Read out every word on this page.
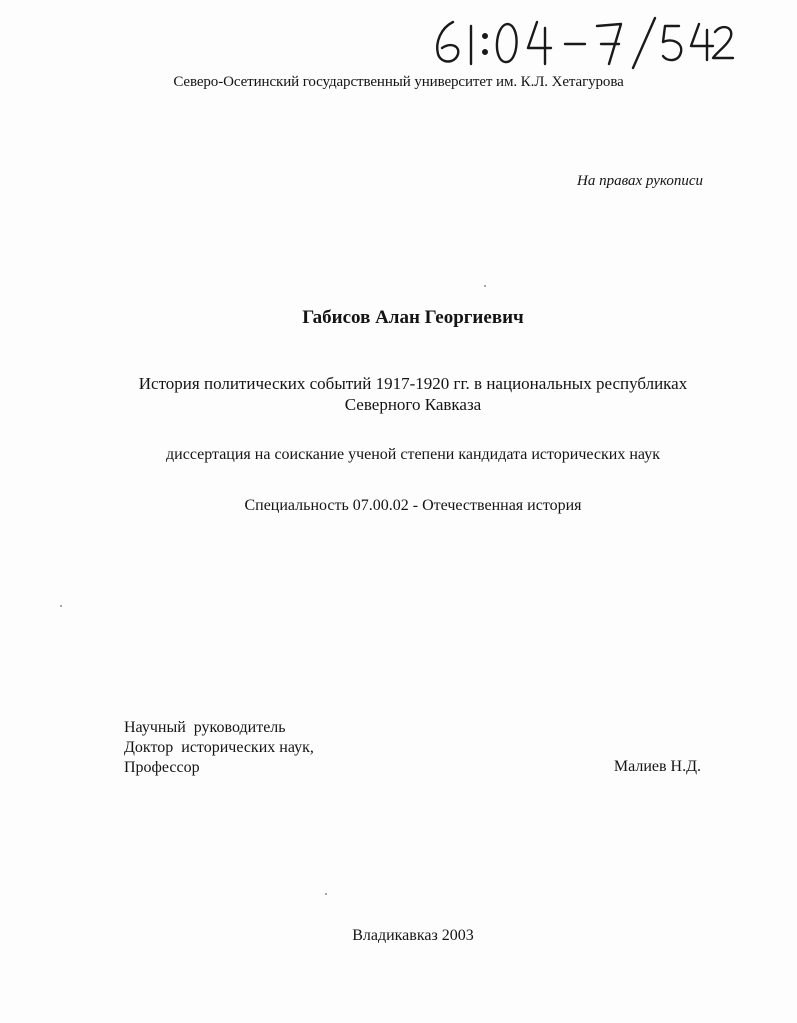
Северо-Осетинский государственный университет им. К.Л. Хетагурова
На правах рукописи
Габисов Алан Георгиевич
История политических событий 1917-1920 гг. в национальных республиках
Северного Кавказа
диссертация на соискание ученой степени кандидата исторических наук
Специальность 07.00.02 - Отечественная история
Научный  руководитель
Доктор  исторических наук,
Профессор	Малиев Н.Д.
Владикавказ 2003
